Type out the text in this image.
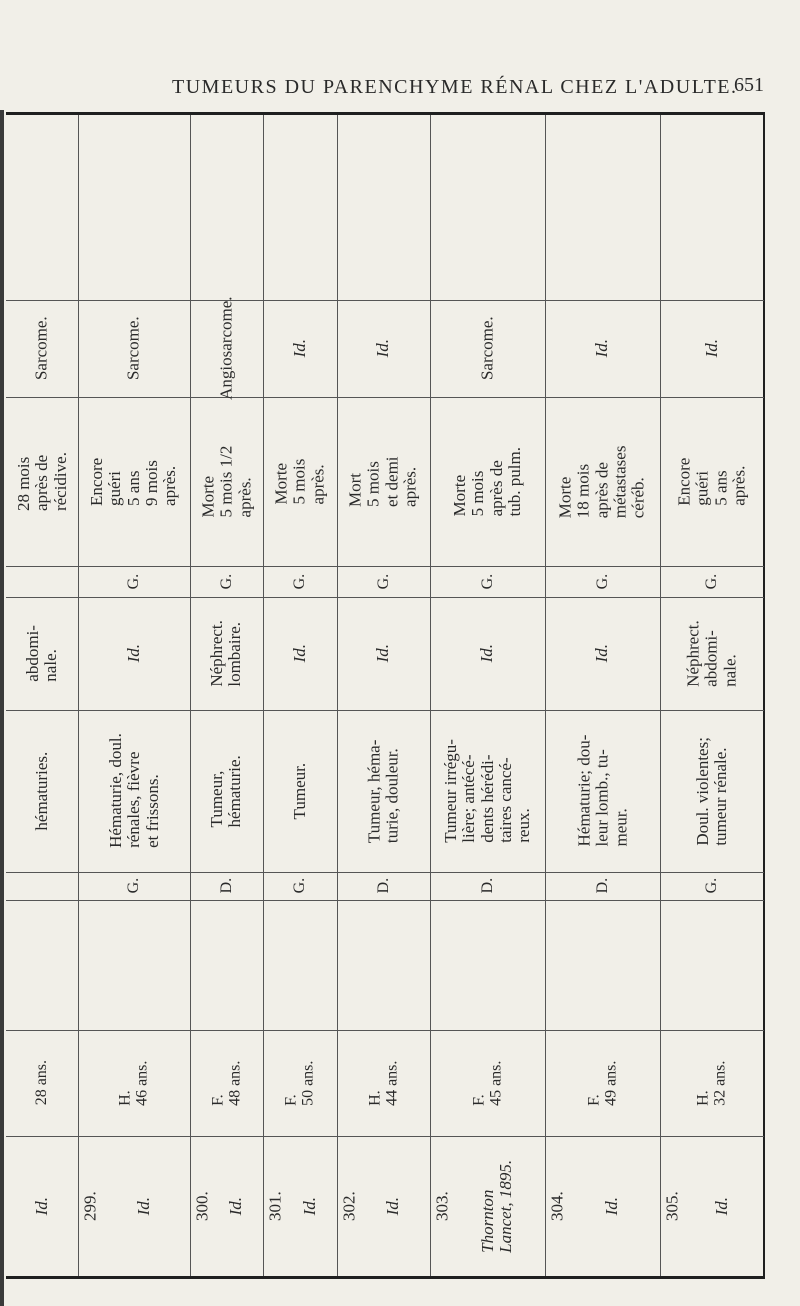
TUMEURS DU PARENCHYME RÉNAL CHEZ L'ADULTE.
651
Id.
28 ans.
hématuries.
abdomi-
nale.
28 mois
après de
récidive.
Sarcome.
299. Id.
H.
46 ans.
G.
Hématurie, doul.
rénales, fièvre
et frissons.
Id.
G.
Encore
guéri
5 ans
9 mois
après.
Sarcome.
300. Id.
F.
48 ans.
D.
Tumeur,
hématurie.
Néphrect.
lombaire.
G.
Morte
5 mois 1/2
après.
Angiosarcome.
301. Id.
F.
50 ans.
G.
Tumeur.
Id.
G.
Morte
5 mois
après.
Id.
302. Id.
H.
44 ans.
D.
Tumeur, héma-
turie, douleur.
Id.
G.
Mort
5 mois
et demi
après.
Id.
303. Thornton
Lancet, 1895.
F.
45 ans.
D.
Tumeur irrégu-
lière; antécé-
dents hérédi-
taires cancé-
reux.
Id.
G.
Morte
5 mois
après de
tub. pulm.
Sarcome.
304. Id.
F.
49 ans.
D.
Hématurie; dou-
leur lomb., tu-
meur.
Id.
G.
Morte
18 mois
après de
métastases
céréb.
Id.
305. Id.
H.
32 ans.
G.
Doul. violentes;
tumeur rénale.
Néphrect.
abdomi-
nale.
G.
Encore
guéri
5 ans
après.
Id.
